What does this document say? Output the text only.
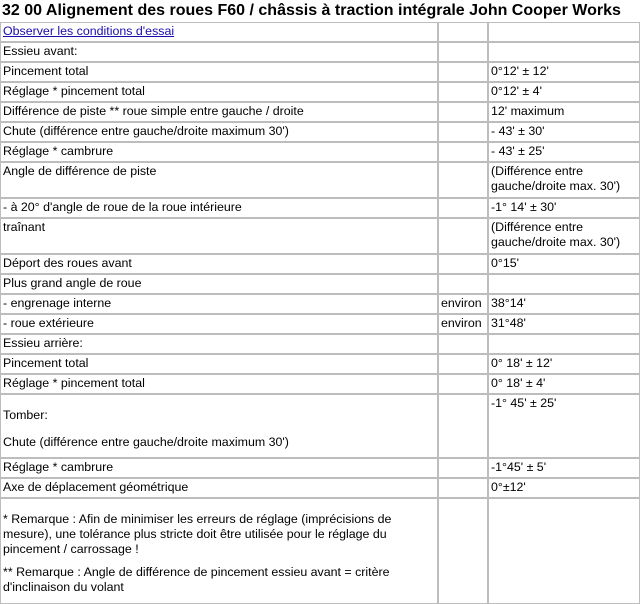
32 00 Alignement des roues F60 / châssis à traction intégrale John Cooper Works
Observer les conditions d'essai		
Essieu avant:		
Pincement total		0°12' ± 12'
Réglage * pincement total		0°12' ± 4'
Différence de piste ** roue simple entre gauche / droite		12' maximum
Chute (différence entre gauche/droite maximum 30')		- 43' ± 30'
Réglage * cambrure		- 43' ± 25'
Angle de différence de piste		(Différence entre gauche/droite max. 30')
- à 20° d'angle de roue de la roue intérieure		-1° 14' ± 30'
traînant		(Différence entre gauche/droite max. 30')
Déport des roues avant		0°15'
Plus grand angle de roue		
- engrenage interne	environ	38°14'
- roue extérieure	environ	31°48'
Essieu arrière:		
Pincement total		0° 18' ± 12'
Réglage * pincement total		0° 18' ± 4'

Tomber:
Chute (différence entre gauche/droite maximum 30')		-1° 45' ± 25'
Réglage * cambrure		-1°45' ± 5'
Axe de déplacement géométrique		0°±12'

* Remarque : Afin de minimiser les erreurs de réglage (imprécisions de mesure), une tolérance plus stricte doit être utilisée pour le réglage du pincement / carrossage !

** Remarque : Angle de différence de pincement essieu avant = critère d'inclinaison du volant		
